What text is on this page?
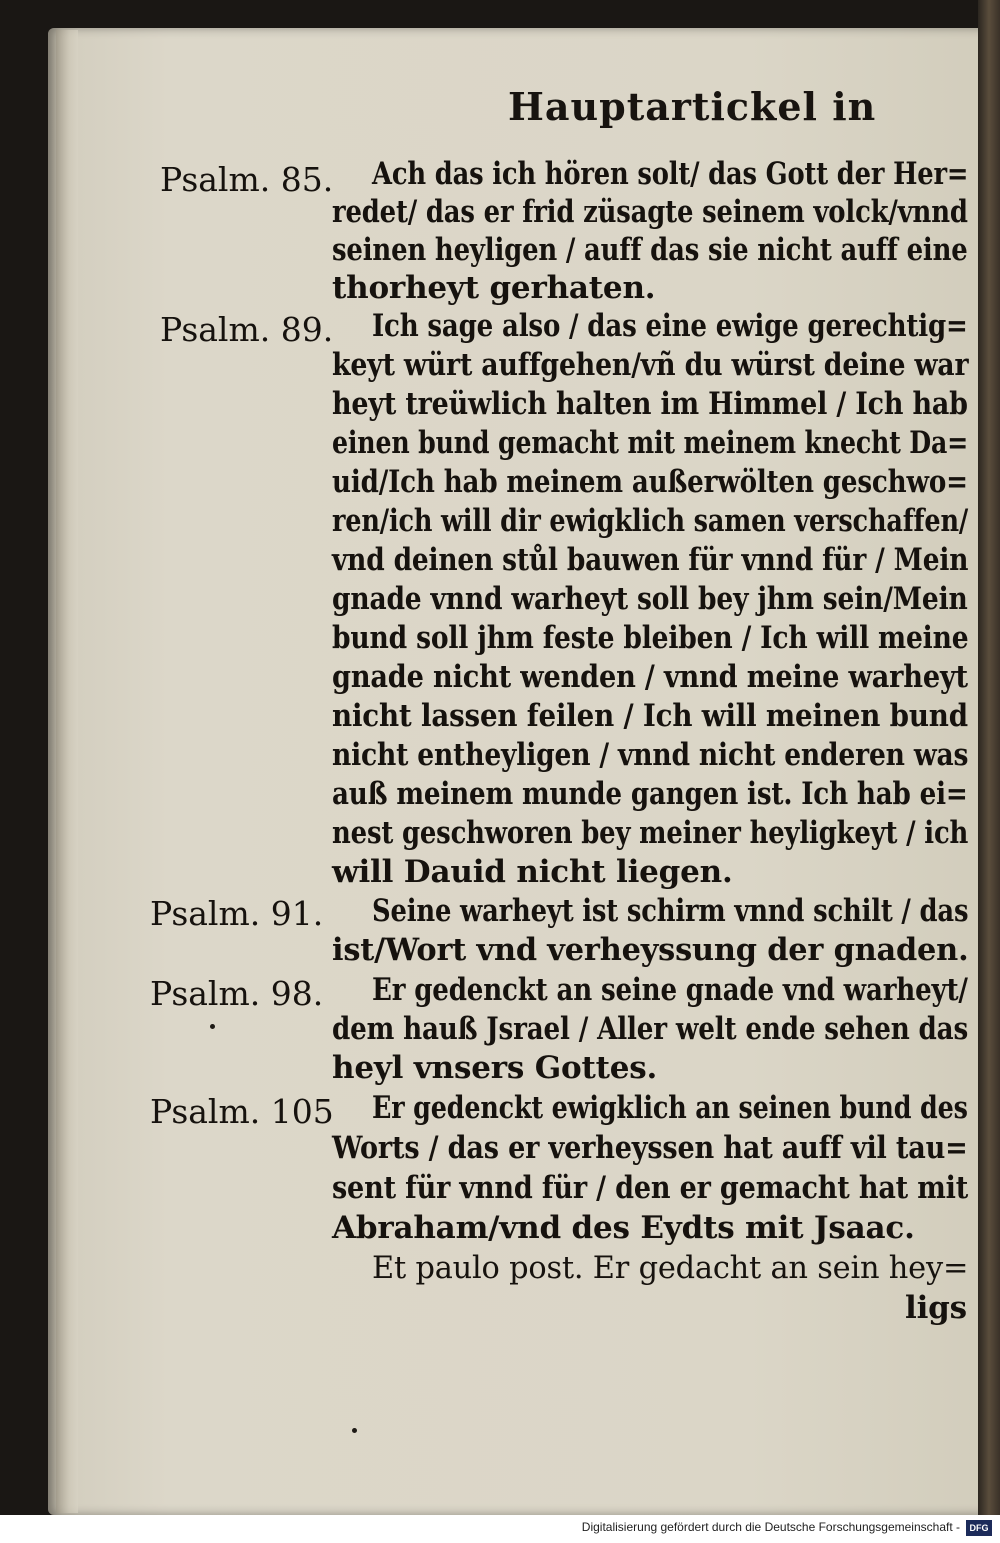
Hauptartickel in
Psalm. 85. Ach das ich hören solt/ das Gott der Her=
redet/ das er frid züsagte seinem volck/vnnd
seinen heyligen / auff das sie nicht auff eine
thorheyt gerhaten.
Psalm. 89. Ich sage also / das eine ewige gerechtig=
keyt würt auffgehen/vñ du würst deine war
heyt treüwlich halten im Himmel / Ich hab
einen bund gemacht mit meinem knecht Da=
uid/Ich hab meinem außerwölten geschwo=
ren/ich will dir ewigklich samen verschaffen/
vnd deinen stůl bauwen für vnnd für / Mein
gnade vnnd warheyt soll bey jhm sein/Mein
bund soll jhm feste bleiben / Ich will meine
gnade nicht wenden / vnnd meine warheyt
nicht lassen feilen / Ich will meinen bund
nicht entheyligen / vnnd nicht enderen was
auß meinem munde gangen ist. Ich hab ei=
nest geschworen bey meiner heyligkeyt / ich
will Dauid nicht liegen.
Psalm. 91. Seine warheyt ist schirm vnnd schilt / das
ist/Wort vnd verheyssung der gnaden.
Psalm. 98. Er gedenckt an seine gnade vnd warheyt/
dem hauß Jsrael / Aller welt ende sehen das
heyl vnsers Gottes.
Psalm. 105 Er gedenckt ewigklich an seinen bund des
Worts / das er verheyssen hat auff vil tau=
sent für vnnd für / den er gemacht hat mit
Abraham/vnd des Eydts mit Jsaac.
Et paulo post. Er gedacht an sein hey=
ligs
Digitalisierung gefördert durch die Deutsche Forschungsgemeinschaft -	DFG
